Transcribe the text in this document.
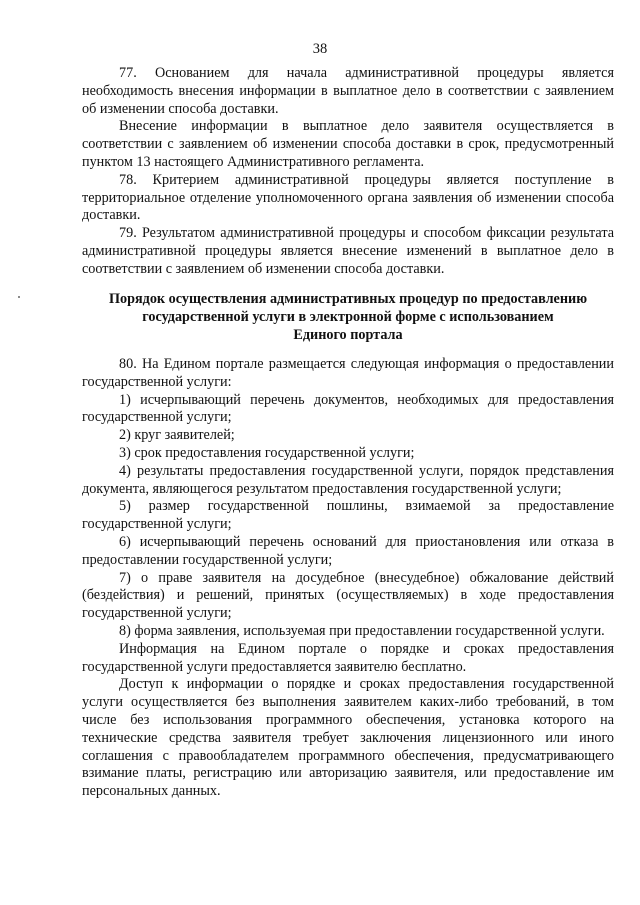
38

77. Основанием для начала административной процедуры является необходимость внесения информации в выплатное дело в соответствии с заявлением об изменении способа доставки.

Внесение информации в выплатное дело заявителя осуществляется в соответствии с заявлением об изменении способа доставки в срок, предусмотренный пунктом 13 настоящего Административного регламента.

78. Критерием административной процедуры является поступление в территориальное отделение уполномоченного органа заявления об изменении способа доставки.

79. Результатом административной процедуры и способом фиксации результата административной процедуры является внесение изменений в выплатное дело в соответствии с заявлением об изменении способа доставки.

Порядок осуществления административных процедур по предоставлению
государственной услуги в электронной форме с использованием
Единого портала

80. На Едином портале размещается следующая информация о предоставлении государственной услуги:

1) исчерпывающий перечень документов, необходимых для предоставления государственной услуги;

2) круг заявителей;

3) срок предоставления государственной услуги;

4) результаты предоставления государственной услуги, порядок представления документа, являющегося результатом предоставления государственной услуги;

5) размер государственной пошлины, взимаемой за предоставление государственной услуги;

6) исчерпывающий перечень оснований для приостановления или отказа в предоставлении государственной услуги;

7) о праве заявителя на досудебное (внесудебное) обжалование действий (бездействия) и решений, принятых (осуществляемых) в ходе предоставления государственной услуги;

8) форма заявления, используемая при предоставлении государственной услуги.

Информация на Едином портале о порядке и сроках предоставления государственной услуги предоставляется заявителю бесплатно.

Доступ к информации о порядке и сроках предоставления государственной услуги осуществляется без выполнения заявителем каких-либо требований, в том числе без использования программного обеспечения, установка которого на технические средства заявителя требует заключения лицензионного или иного соглашения с правообладателем программного обеспечения, предусматривающего взимание платы, регистрацию или авторизацию заявителя, или предоставление им персональных данных.
